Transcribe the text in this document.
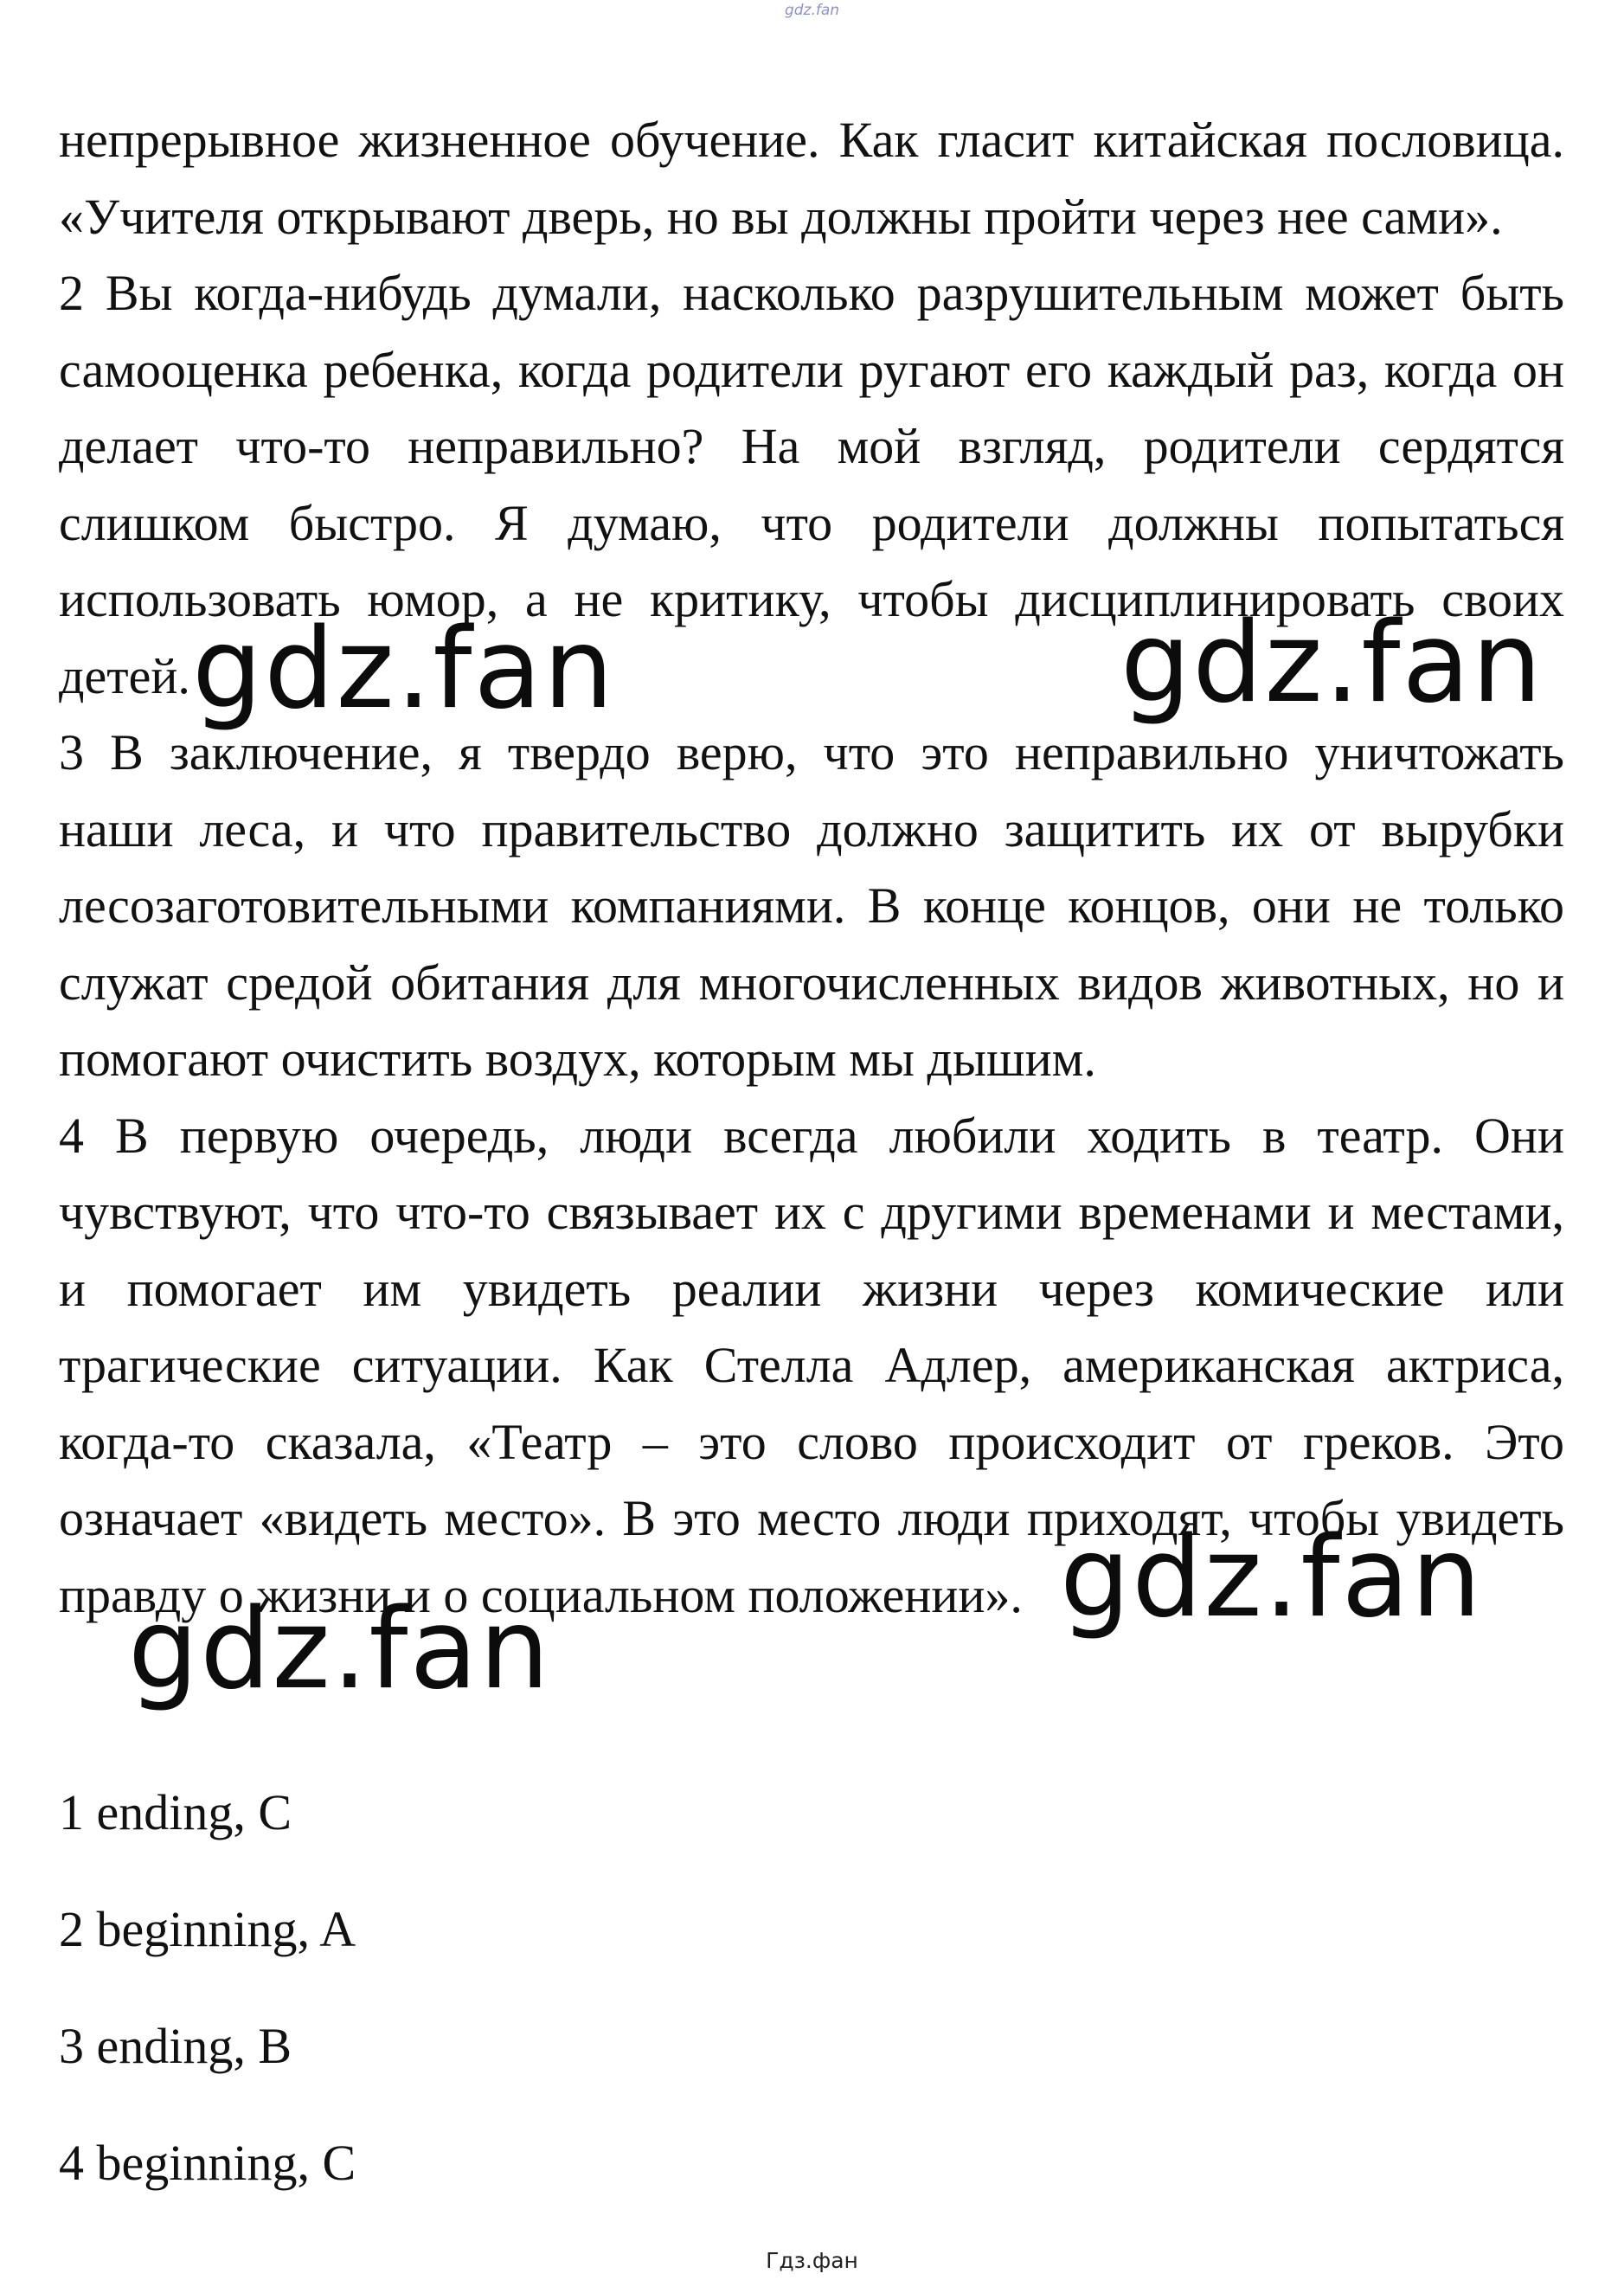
gdz.fan

непрерывное жизненное обучение. Как гласит китайская пословица. «Учителя открывают дверь, но вы должны пройти через нее сами».

2 Вы когда-нибудь думали, насколько разрушительным может быть самооценка ребенка, когда родители ругают его каждый раз, когда он делает что-то неправильно? На мой взгляд, родители сердятся слишком быстро. Я думаю, что родители должны попытаться использовать юмор, а не критику, чтобы дисциплинировать своих детей.

3 В заключение, я твердо верю, что это неправильно уничтожать наши леса, и что правительство должно защитить их от вырубки лесозаготовительными компаниями. В конце концов, они не только служат средой обитания для многочисленных видов животных, но и помогают очистить воздух, которым мы дышим.

4 В первую очередь, люди всегда любили ходить в театр. Они чувствуют, что что-то связывает их с другими временами и местами, и помогает им увидеть реалии жизни через комические или трагические ситуации. Как Стелла Адлер, американская актриса, когда-то сказала, «Театр – это слово происходит от греков. Это означает «видеть место». В это место люди приходят, чтобы увидеть правду о жизни и о социальном положении».

1 ending, C
2 beginning, A
3 ending, B
4 beginning, C
gdz.fan	gdz.fan
gdz.fan
gdz.fan
Гдз.фан
